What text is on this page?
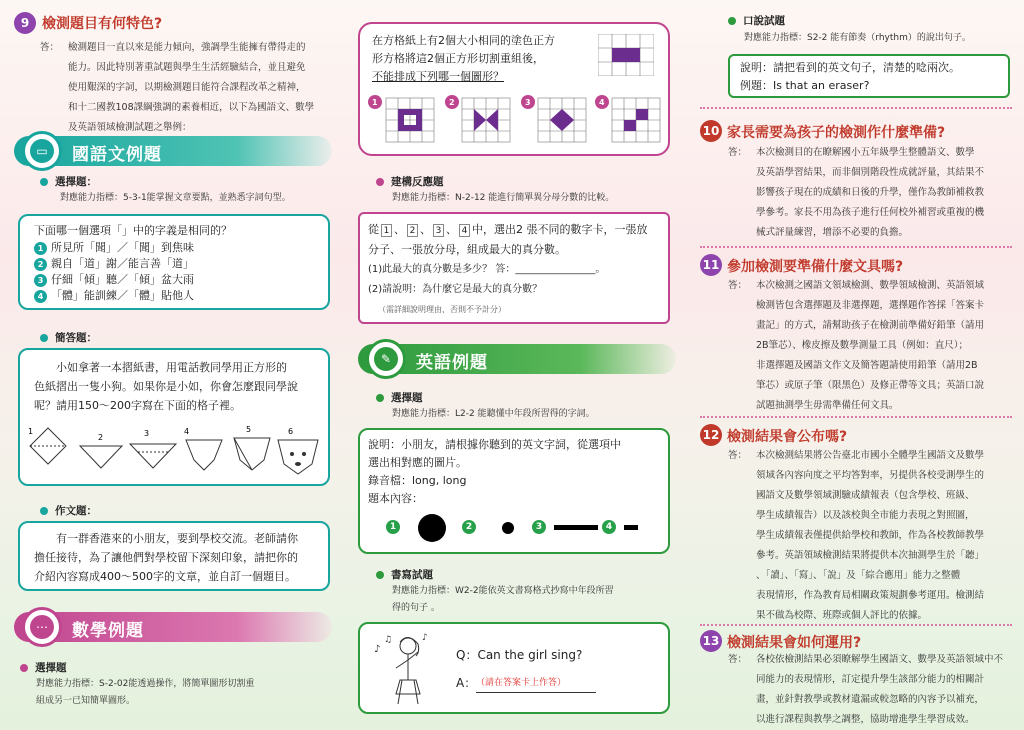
9 檢測題目有何特色?
答： 檢測題目一直以來是能力傾向，強調學生能擁有帶得走的
能力。因此特別著重試題與學生生活經驗結合，並且避免
使用艱深的字詞，以期檢測題目能符合課程改革之精神，
和十二國教108課綱強調的素養相近，以下為國語文、數學
及英語領域檢測試題之舉例：
▭	國語文例題
選擇題：
對應能力指標：5-3-1能掌握文章要點，並熟悉字詞句型。
下面哪一個選項「」中的字義是相同的？
1 所見所「聞」／「聞」到焦味
2 親自「道」謝／能言善「道」
3 仔細「傾」聽／「傾」盆大雨
4 「體」能訓練／「體」貼他人
簡答題：
小如拿著一本摺紙書，用電話教同學用正方形的
色紙摺出一隻小狗。如果你是小如，你會怎麼跟同學說
呢？請用150～200字寫在下面的格子裡。
1
2	3	4	5	6
作文題：
有一群香港來的小朋友，要到學校交流。老師請你
擔任接待，為了讓他們對學校留下深刻印象，請把你的
介紹內容寫成400～500字的文章，並自訂一個題目。
⋯	數學例題
選擇題
對應能力指標：S-2-02能透過操作，將簡單圖形切割重
組成另一已知簡單圖形。
在方格紙上有2個大小相同的塗色正方
形方格將這2個正方形切割重組後，
不能排成下列哪一個圖形？
1	2	3	4
建構反應題
對應能力指標：N-2-12 能進行簡單異分母分數的比較。
從 1 、 2 、 3 、 4 中，選出2 張不同的數字卡，一張放
分子、一張放分母，組成最大的真分數。
(1)此最大的真分數是多少？ 答：________________。
(2)請說明：為什麼它是最大的真分數？
（需詳細說明理由，否則不予計分）
✎	英語例題
選擇題
對應能力指標：L2-2 能聽懂中年段所習得的字詞。
說明：小朋友，請根據你聽到的英文字詞，從選項中
選出相對應的圖片。
錄音檔：long, long
題本內容：
1	2	3	4
書寫試題
對應能力指標：W2-2能依英文書寫格式抄寫中年段所習
得的句子 。
♪
♫	♪
Q：Can the girl sing?
A： （請在答案卡上作答）
口說試題
對應能力指標：S2-2 能有節奏（rhythm）的說出句子。
說明：請把看到的英文句子，清楚的唸兩次。
例題：Is that an eraser?
10 家長需要為孩子的檢測作什麼準備?
答： 本次檢測目的在瞭解國小五年級學生整體語文、數學
及英語學習結果，而非個別階段性成就評量，其結果不
影響孩子現在的成績和日後的升學，僅作為教師補救教
學參考。家長不用為孩子進行任何校外補習或重複的機
械式評量練習，增添不必要的負擔。
11 參加檢測要準備什麼文具嗎?
答： 本次檢測之國語文領域檢測、數學領域檢測、英語領域
檢測皆包含選擇題及非選擇題，選擇題作答採「答案卡
畫記」的方式，請幫助孩子在檢測前準備好鉛筆（請用
2B筆芯）、橡皮擦及數學測量工具（例如：直尺）；
非選擇題及國語文作文及簡答題請使用鉛筆（請用2B
筆芯）或原子筆（限黑色）及修正帶等文具；英語口說
試題抽測學生毋需準備任何文具。
12 檢測結果會公布嗎?
答： 本次檢測結果將公告臺北市國小全體學生國語文及數學
領域各內容向度之平均答對率，另提供各校受測學生的
國語文及數學領域測驗成績報表（包含學校、班級、
學生成績報告）以及該校與全市能力表現之對照圖，
學生成績報表僅提供給學校和教師，作為各校教師教學
參考。英語領域檢測結果將提供本次抽測學生於「聽」
、「讀」、「寫」、「說」及「綜合應用」能力之整體
表現情形，作為教育局相關政策規劃參考運用。檢測結
果不做為校際、班際或個人評比的依據。
13 檢測結果會如何運用?
答： 各校依檢測結果必須瞭解學生國語文、數學及英語領域中不
同能力的表現情形，訂定提升學生該部分能力的相關計
畫，並針對教學或教材遺漏或較忽略的內容予以補充，
以進行課程與教學之調整，協助增進學生學習成效。
